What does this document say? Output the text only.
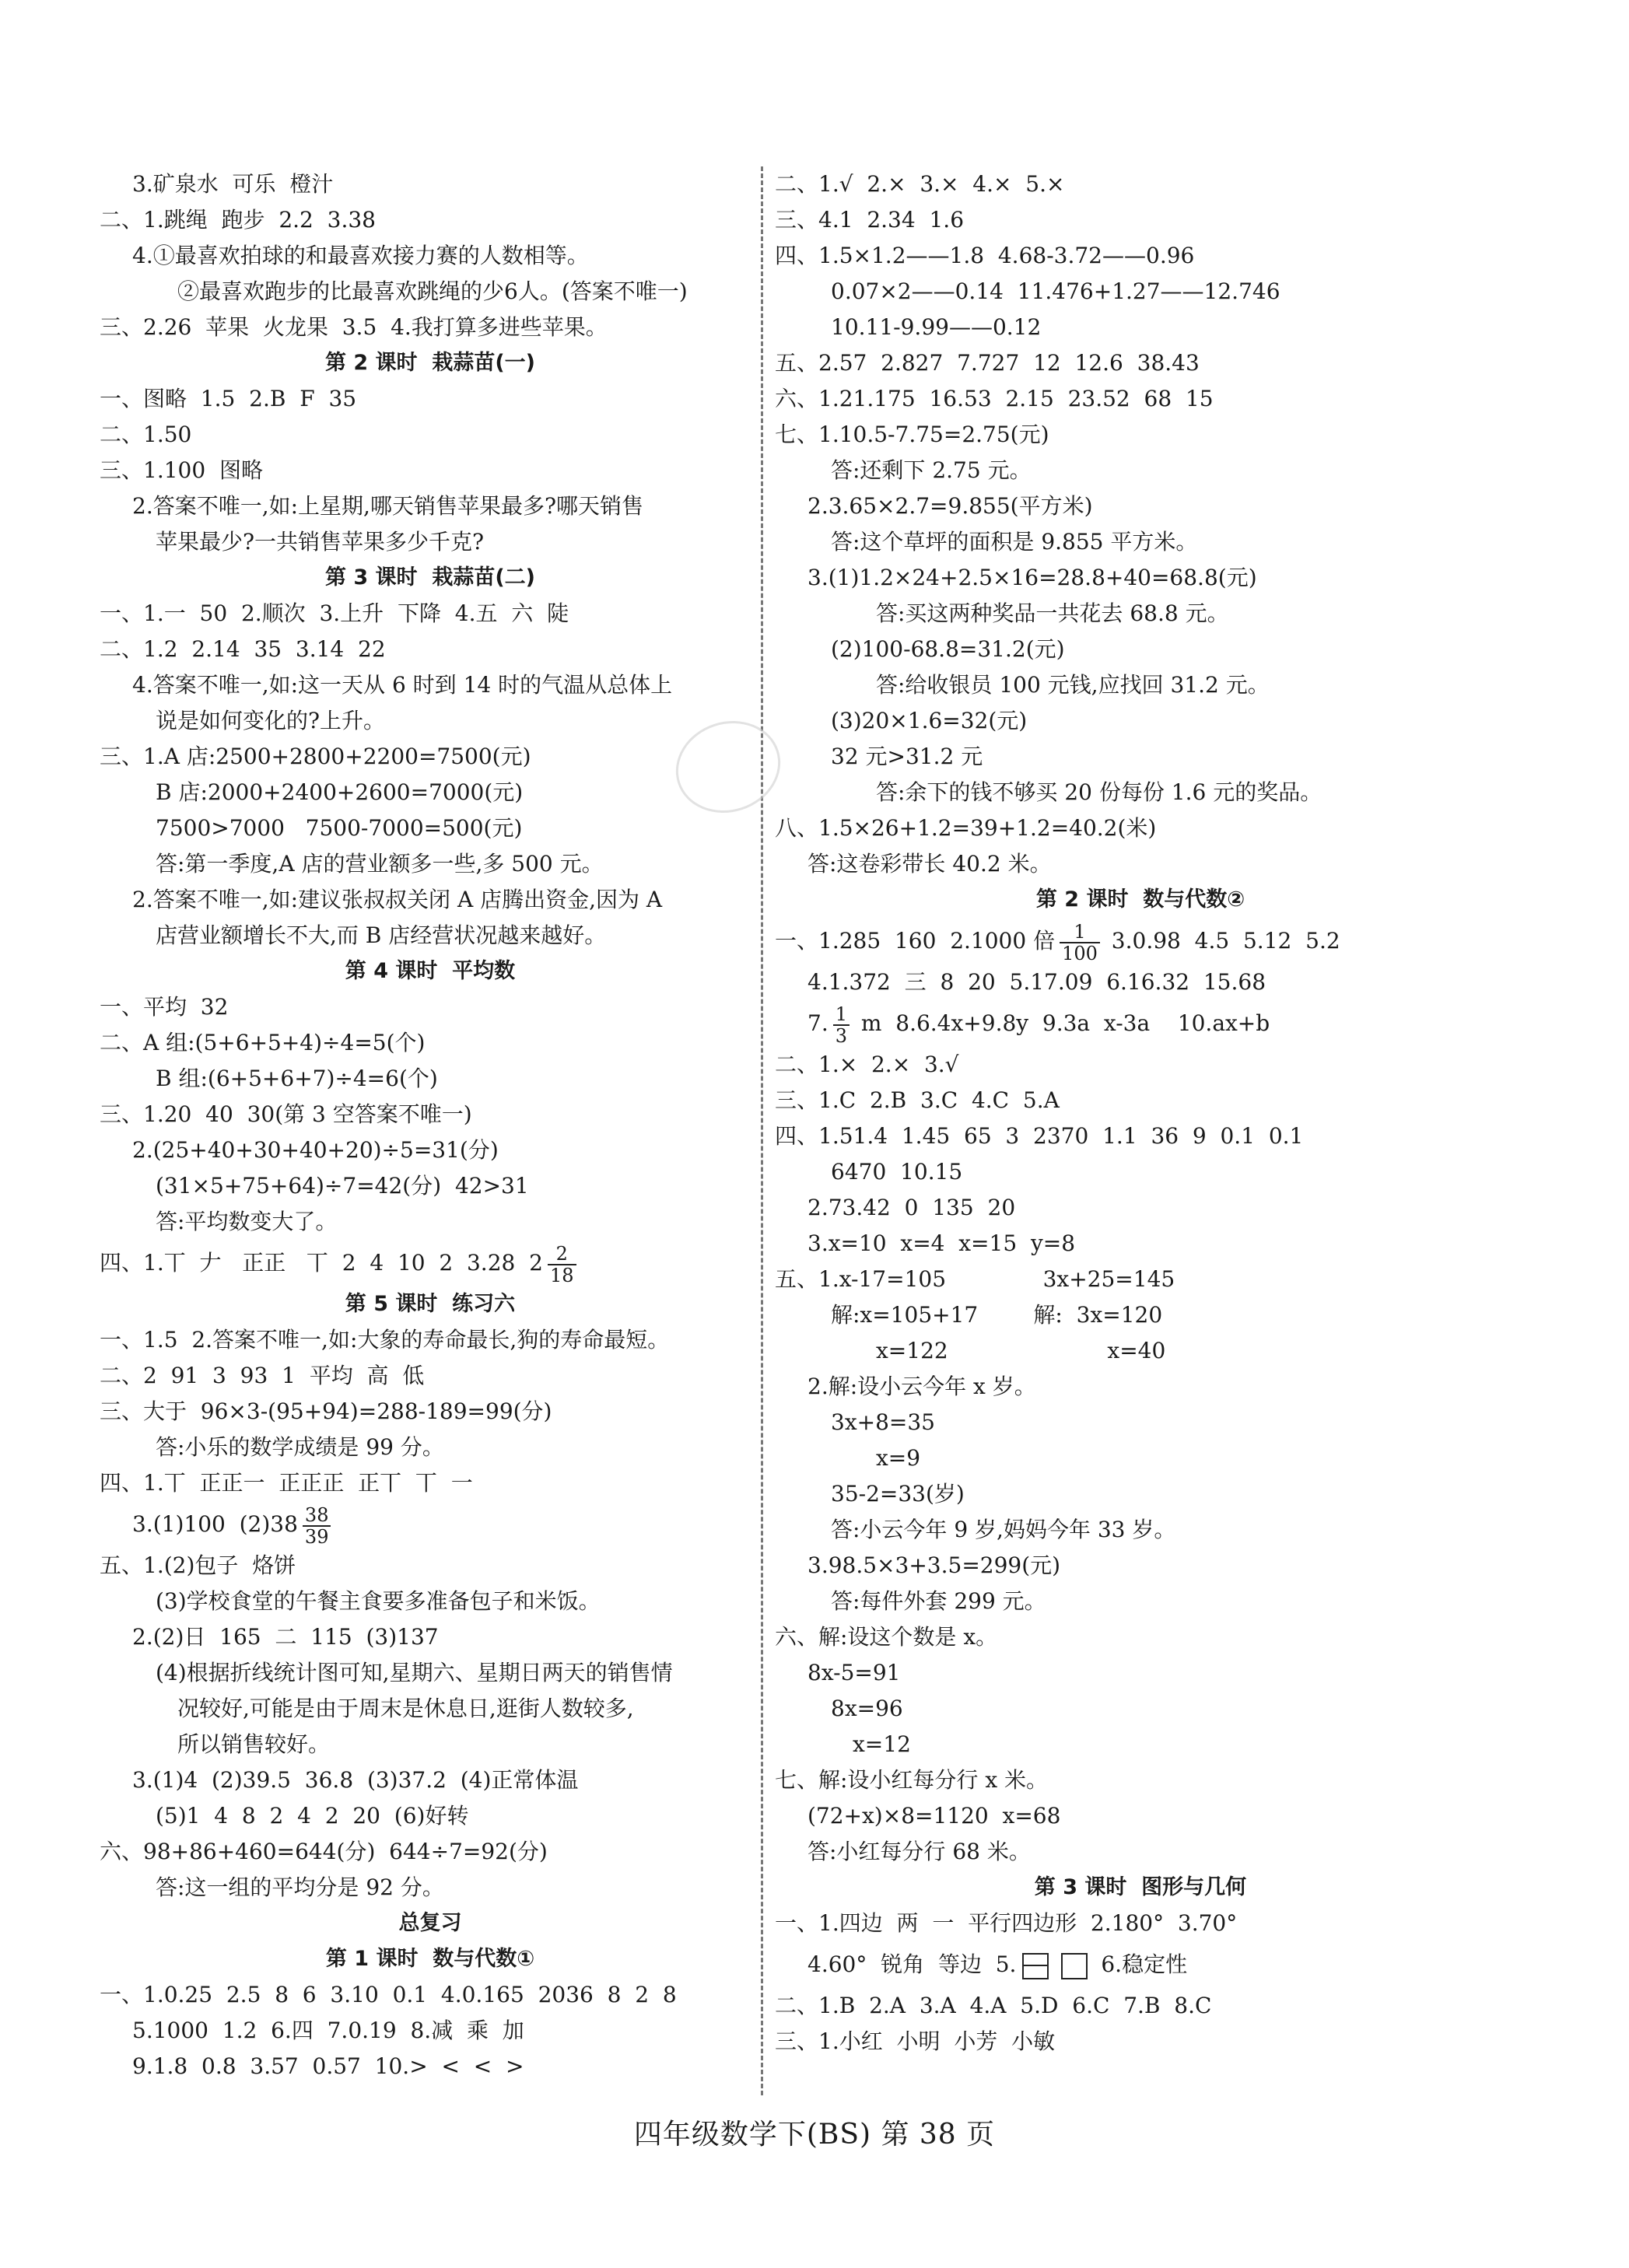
3.矿泉水  可乐  橙汁
二、1.跳绳  跑步  2.2  3.38
4.①最喜欢拍球的和最喜欢接力赛的人数相等。
②最喜欢跑步的比最喜欢跳绳的少6人。(答案不唯一)
三、2.26  苹果  火龙果  3.5  4.我打算多进些苹果。
第 2 课时  栽蒜苗(一)
一、图略  1.5  2.B  F  35
二、1.50
三、1.100  图略
2.答案不唯一,如:上星期,哪天销售苹果最多?哪天销售
苹果最少?一共销售苹果多少千克?
第 3 课时  栽蒜苗(二)
一、1.一  50  2.顺次  3.上升  下降  4.五  六  陡
二、1.2  2.14  35  3.14  22
4.答案不唯一,如:这一天从 6 时到 14 时的气温从总体上
说是如何变化的?上升。
三、1.A 店:2500+2800+2200=7500(元)
B 店:2000+2400+2600=7000(元)
7500>7000   7500-7000=500(元)
答:第一季度,A 店的营业额多一些,多 500 元。
2.答案不唯一,如:建议张叔叔关闭 A 店腾出资金,因为 A
店营业额增长不大,而 B 店经营状况越来越好。
第 4 课时  平均数
一、平均  32
二、A 组:(5+6+5+4)÷4=5(个)
B 组:(6+5+6+7)÷4=6(个)
三、1.20  40  30(第 3 空答案不唯一)
2.(25+40+30+40+20)÷5=31(分)
(31×5+75+64)÷7=42(分)  42>31
答:平均数变大了。
四、1.丅  𠂇   正正   丅  2  4  10  2  3.28  $2 \frac{2}{18}$
第 5 课时  练习六
一、1.5  2.答案不唯一,如:大象的寿命最长,狗的寿命最短。
二、2  91  3  93  1  平均  高  低
三、大于  96×3-(95+94)=288-189=99(分)
答:小乐的数学成绩是 99 分。
四、1.丅  正正一  正正正  正丅  丅  一
3.(1)100  $(2)38 \frac{38}{39}$
五、1.(2)包子  烙饼
(3)学校食堂的午餐主食要多准备包子和米饭。
2.(2)日  165  二  115  (3)137
(4)根据折线统计图可知,星期六、星期日两天的销售情
况较好,可能是由于周末是休息日,逛街人数较多,
所以销售较好。
3.(1)4  (2)39.5  36.8  (3)37.2  (4)正常体温
(5)1  4  8  2  4  2  20  (6)好转
六、98+86+460=644(分)  644÷7=92(分)
答:这一组的平均分是 92 分。
总复习
第 1 课时  数与代数①
一、1.0.25  2.5  8  6  3.10  0.1  4.0.165  2036  8  2  8
5.1000  1.2  6.四  7.0.19  8.减  乘  加
9.1.8  0.8  3.57  0.57  10.>  <  <  >
二、1.√  2.×  3.×  4.×  5.×
三、4.1  2.34  1.6
四、1.5×1.2——1.8  4.68-3.72——0.96
0.07×2——0.14  11.476+1.27——12.746
10.11-9.99——0.12
五、2.57  2.827  7.727  12  12.6  38.43
六、1.21.175  16.53  2.15  23.52  68  15
七、1.10.5-7.75=2.75(元)
答:还剩下 2.75 元。
2.3.65×2.7=9.855(平方米)
答:这个草坪的面积是 9.855 平方米。
3.(1)1.2×24+2.5×16=28.8+40=68.8(元)
答:买这两种奖品一共花去 68.8 元。
(2)100-68.8=31.2(元)
答:给收银员 100 元钱,应找回 31.2 元。
(3)20×1.6=32(元)
32 元>31.2 元
答:余下的钱不够买 20 份每份 1.6 元的奖品。
八、1.5×26+1.2=39+1.2=40.2(米)
答:这卷彩带长 40.2 米。
第 2 课时  数与代数②
一、1.285  160  2.1000 倍 $\frac{1}{100} 3.0.98$  4.5  5.12  5.2
4.1.372  三  8  20  5.17.09  6.16.32  15.68
7. $\frac{1}{3}$ m  8.6.4x+9.8y  9.3a  x-3a    10.ax+b
二、1.×  2.×  3.√
三、1.C  2.B  3.C  4.C  5.A
四、1.51.4  1.45  65  3  2370  1.1  36  9  0.1  0.1
6470  10.15
2.73.42  0  135  20
3.x=10  x=4  x=15  y=8
五、1.x-17=105              3x+25=145
解:x=105+17        解:  3x=120
x=122                       x=40
2.解:设小云今年 x 岁。
3x+8=35
x=9
35-2=33(岁)
答:小云今年 9 岁,妈妈今年 33 岁。
3.98.5×3+3.5=299(元)
答:每件外套 299 元。
六、解:设这个数是 x。
8x-5=91
8x=96
x=12
七、解:设小红每分行 x 米。
(72+x)×8=1120  x=68
答:小红每分行 68 米。
第 3 课时  图形与几何
一、1.四边  两  一  平行四边形  2.180°  3.70°
4.60°  锐角  等边  5.	6.稳定性
二、1.B  2.A  3.A  4.A  5.D  6.C  7.B  8.C
三、1.小红  小明  小芳  小敏
四年级数学下(BS) 第 38 页
